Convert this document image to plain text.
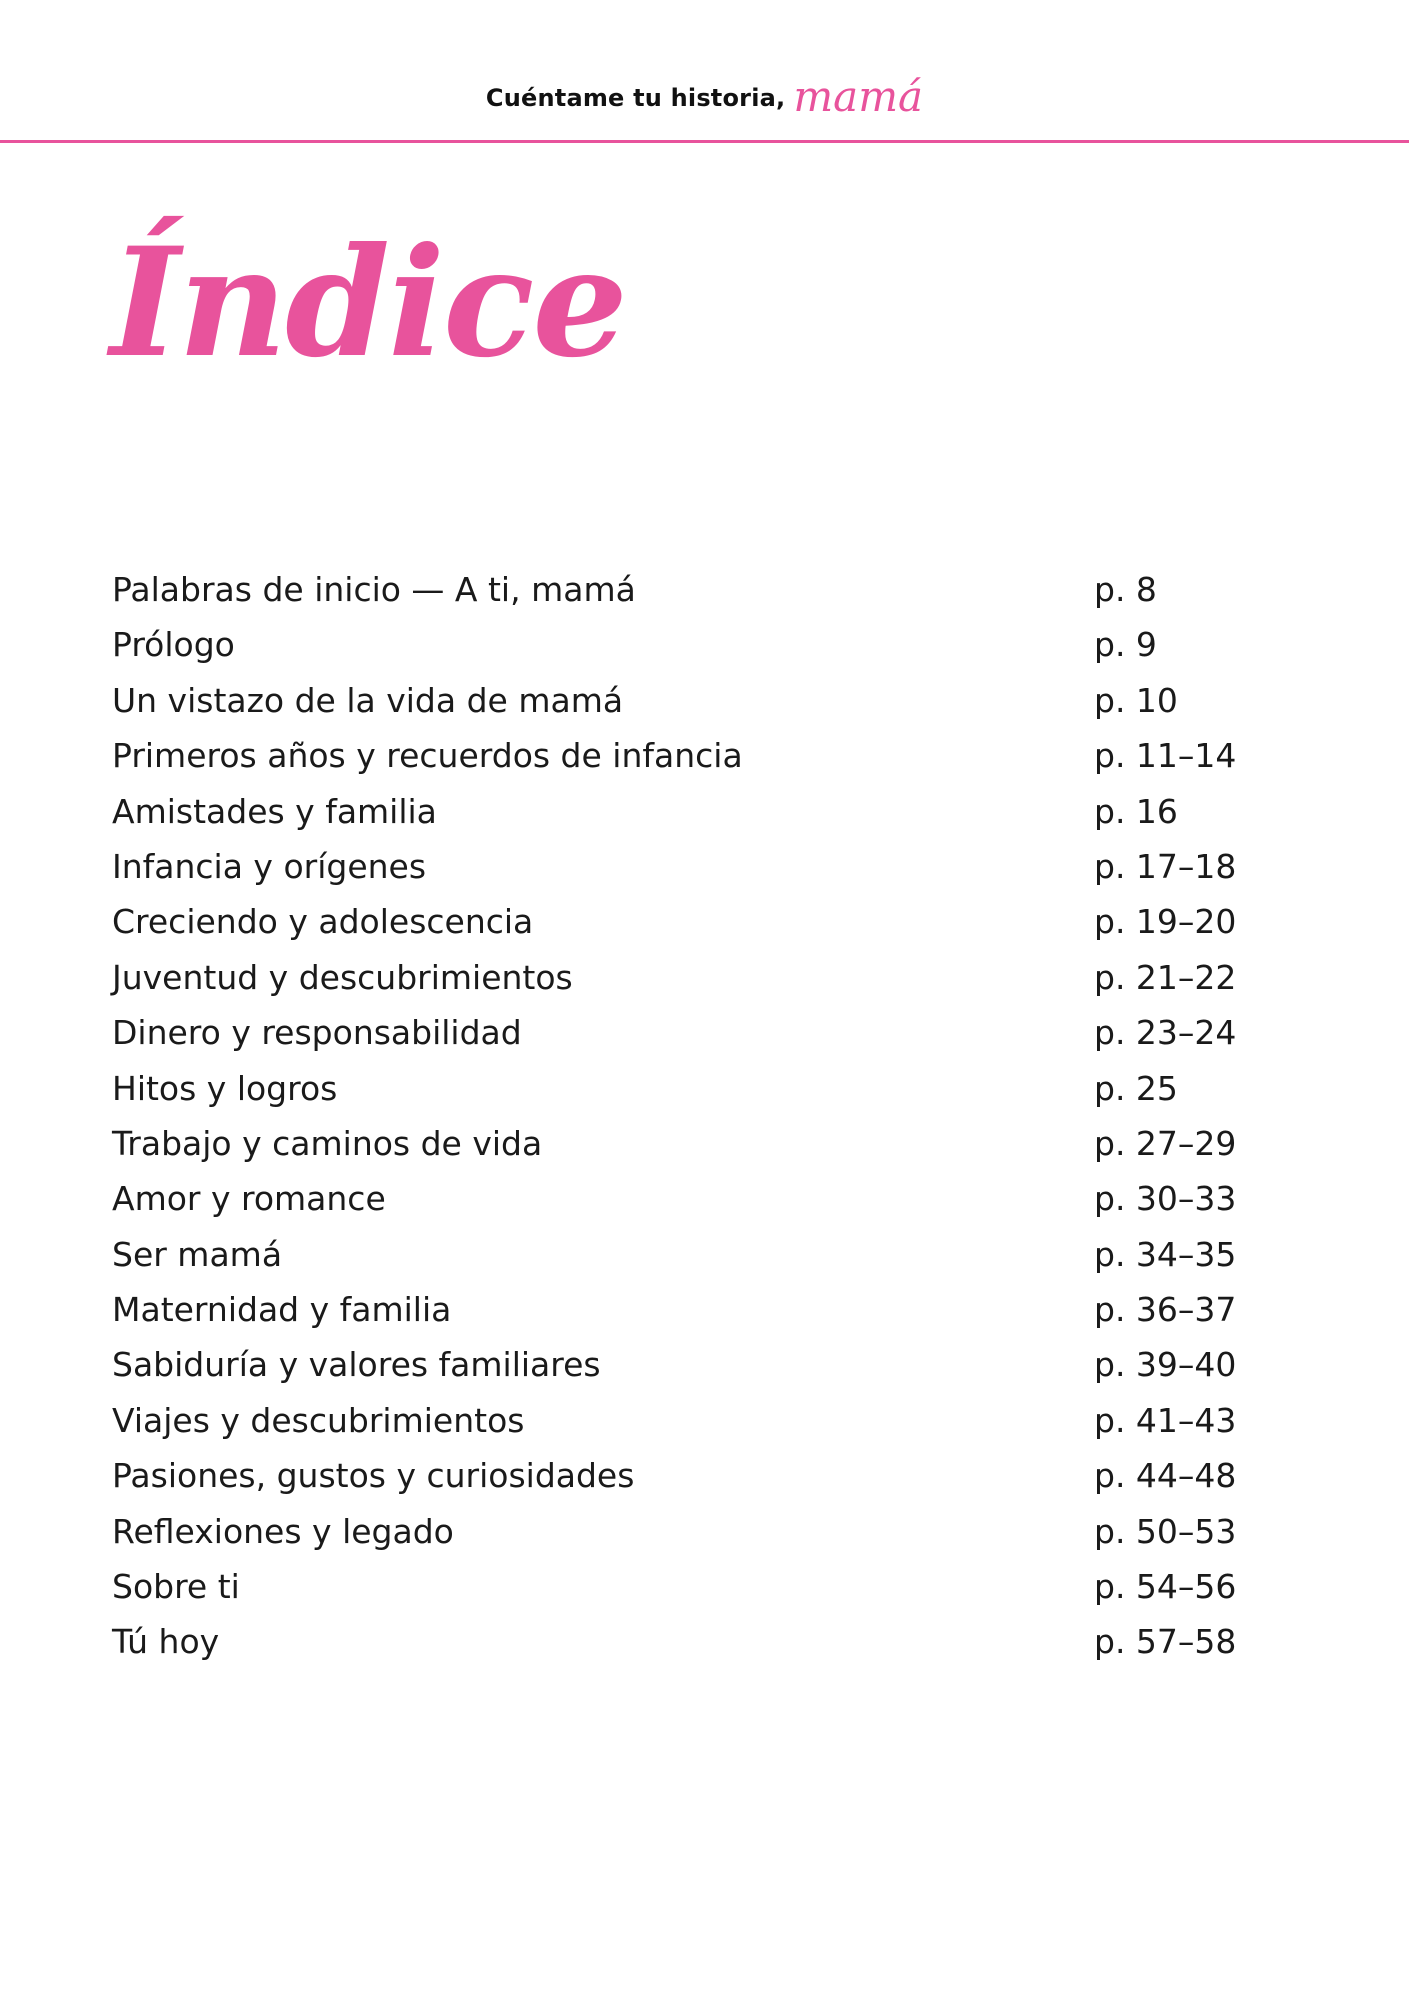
Cuéntame tu historia, mamá
Índice
Palabras de inicio — A ti, mamá	p. 8
Prólogo	p. 9
Un vistazo de la vida de mamá	p. 10
Primeros años y recuerdos de infancia	p. 11–14
Amistades y familia	p. 16
Infancia y orígenes	p. 17–18
Creciendo y adolescencia	p. 19–20
Juventud y descubrimientos	p. 21–22
Dinero y responsabilidad	p. 23–24
Hitos y logros	p. 25
Trabajo y caminos de vida	p. 27–29
Amor y romance	p. 30–33
Ser mamá	p. 34–35
Maternidad y familia	p. 36–37
Sabiduría y valores familiares	p. 39–40
Viajes y descubrimientos	p. 41–43
Pasiones, gustos y curiosidades	p. 44–48
Reflexiones y legado	p. 50–53
Sobre ti	p. 54–56
Tú hoy	p. 57–58
